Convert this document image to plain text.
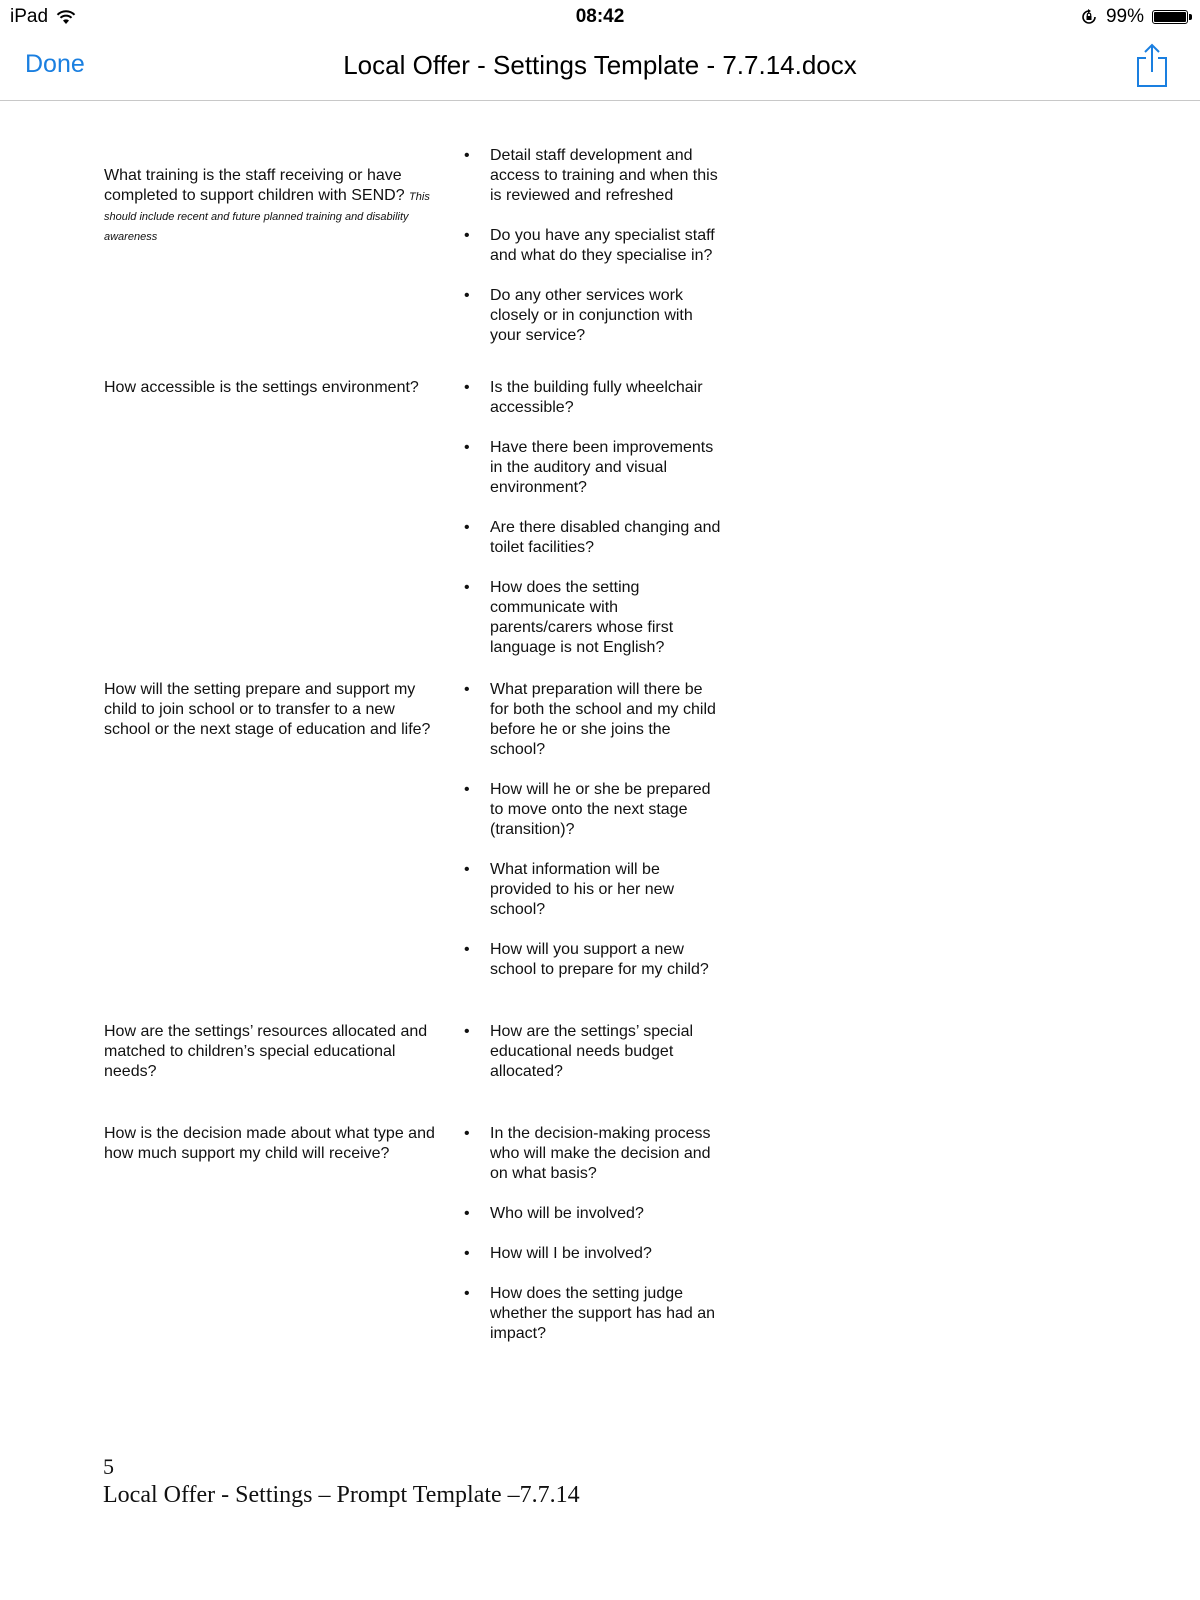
iPad	08:42	99%
Done	Local Offer - Settings Template - 7.7.14.docx
What training is the staff receiving or have completed to support children with SEND? This should include recent and future planned training and disability awareness
•	Detail staff development and access to training and when this is reviewed and refreshed
•	Do you have any specialist staff and what do they specialise in?
•	Do any other services work closely or in conjunction with your service?
How accessible is the settings environment?	•	Is the building fully wheelchair accessible?
•	Have there been improvements in the auditory and visual environment?
•	Are there disabled changing and toilet facilities?
•	How does the setting communicate with parents/carers whose first language is not English?
How will the setting prepare and support my child to join school or to transfer to a new school or the next stage of education and life?
•	What preparation will there be for both the school and my child before he or she joins the school?
•	How will he or she be prepared to move onto the next stage (transition)?
•	What information will be provided to his or her new school?
•	How will you support a new school to prepare for my child?
How are the settings’ resources allocated and matched to children’s special educational needs?
•	How are the settings’ special educational needs budget allocated?
How is the decision made about what type and how much support my child will receive?
•	In the decision-making process who will make the decision and on what basis?
•	Who will be involved?
•	How will I be involved?
•	How does the setting judge whether the support has had an impact?
5
Local Offer - Settings – Prompt Template –7.7.14
